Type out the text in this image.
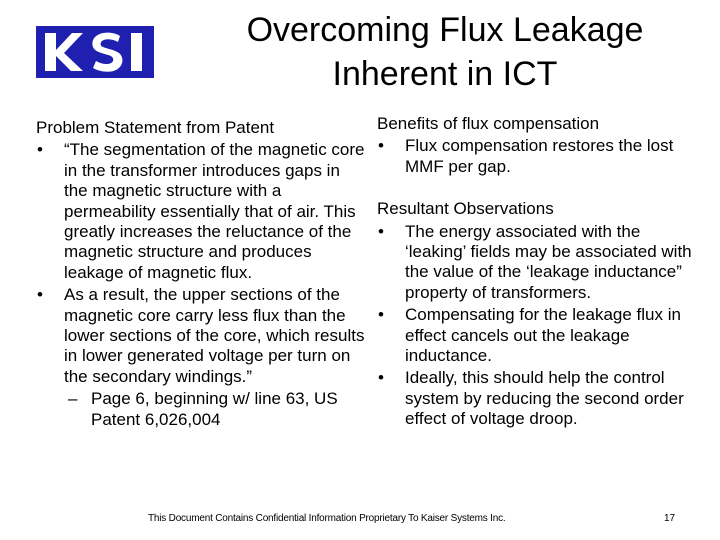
Overcoming Flux Leakage
Inherent in ICT

Problem Statement from Patent

• “The segmentation of the magnetic core in the transformer introduces gaps in the magnetic structure with a permeability essentially that of air. This greatly increases the reluctance of the magnetic structure and produces leakage of magnetic flux.
• As a result, the upper sections of the magnetic core carry less flux than the lower sections of the core, which results in lower generated voltage per turn on the secondary windings.”
– Page 6, beginning w/ line 63, US Patent 6,026,004

Benefits of flux compensation

• Flux compensation restores the lost MMF per gap.

Resultant Observations

• The energy associated with the ‘leaking’ fields may be associated with the value of the ‘leakage inductance” property of transformers.
• Compensating for the leakage flux in effect cancels out the leakage inductance.
• Ideally, this should help the control system by reducing the second order effect of voltage droop.
This Document Contains Confidential Information Proprietary To Kaiser Systems Inc.	17
